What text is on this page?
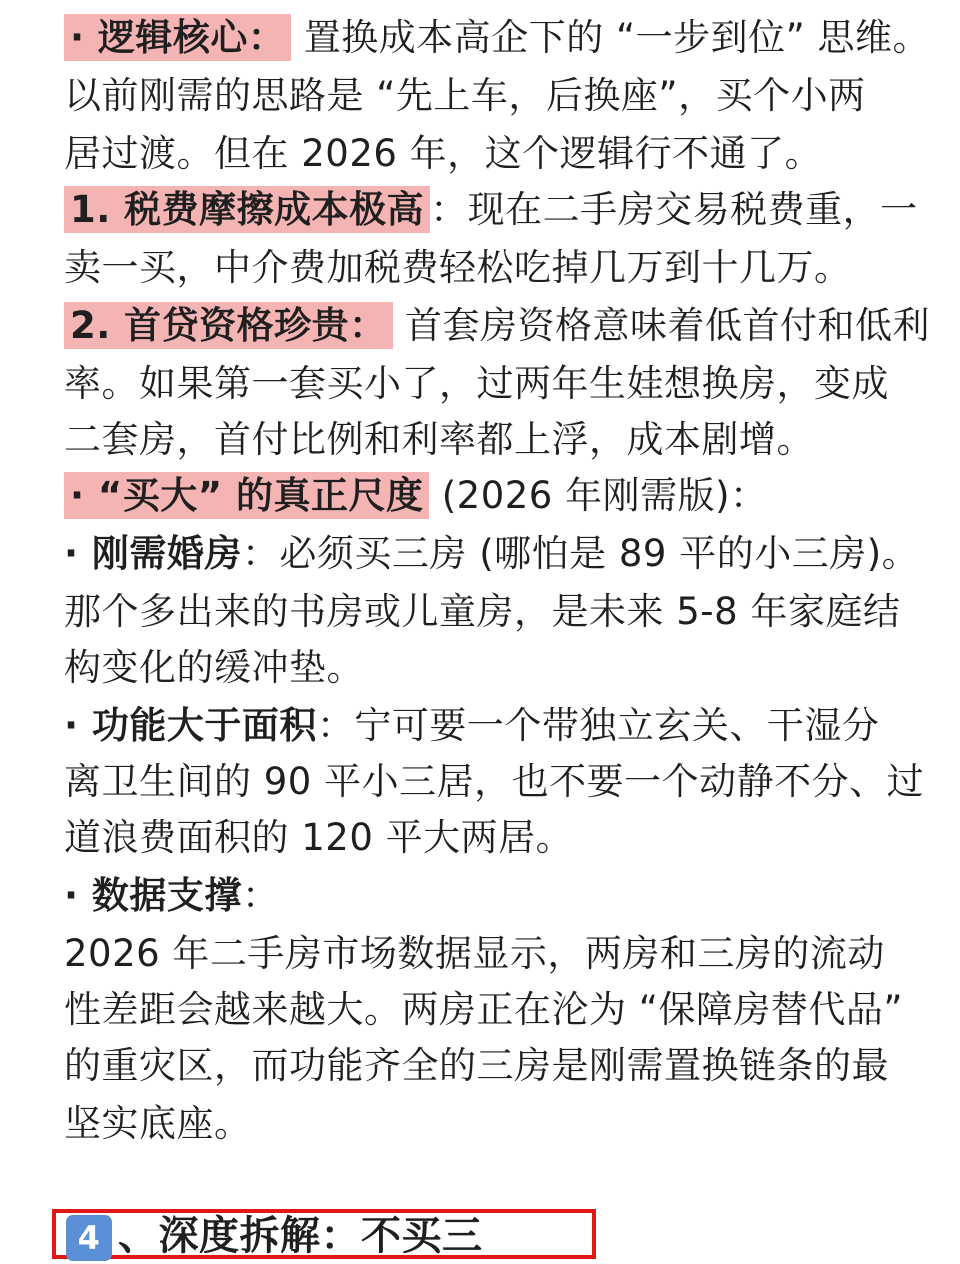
· 逻辑核心： 置换成本高企下的 “一步到位” 思维。
以前刚需的思路是 “先上车，后换座”，买个小两
居过渡。但在 2026 年，这个逻辑行不通了。
1. 税费摩擦成本极高 ：现在二手房交易税费重，一
卖一买，中介费加税费轻松吃掉几万到十几万。
2. 首贷资格珍贵： 首套房资格意味着低首付和低利
率。如果第一套买小了，过两年生娃想换房，变成
二套房，首付比例和利率都上浮，成本剧增。
· “买大” 的真正尺度 (2026 年刚需版)：
· 刚需婚房：必须买三房 (哪怕是 89 平的小三房)。
那个多出来的书房或儿童房，是未来 5-8 年家庭结
构变化的缓冲垫。
· 功能大于面积：宁可要一个带独立玄关、干湿分
离卫生间的 90 平小三居，也不要一个动静不分、过
道浪费面积的 120 平大两居。
· 数据支撑：
2026 年二手房市场数据显示，两房和三房的流动
性差距会越来越大。两房正在沦为 “保障房替代品”
的重灾区，而功能齐全的三房是刚需置换链条的最
坚实底座。
4 、深度拆解：不买三
